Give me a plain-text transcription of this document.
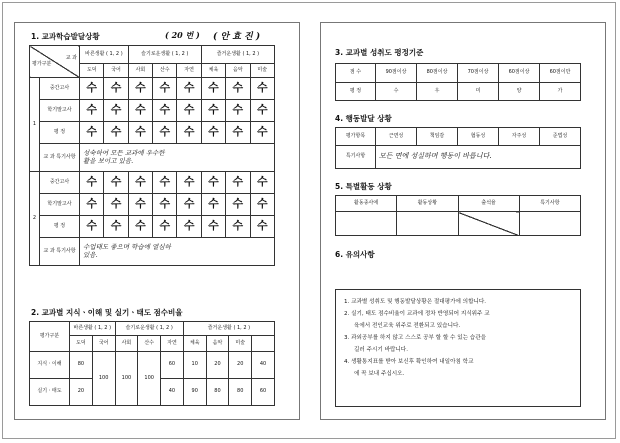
1. 교과학습발달상황	( 20 번 ) ( 안 효 진 )
교 과
평가구분		바른생활 ( 1, 2 )		슬기로운생활 ( 1, 2 )			즐거운생활 ( 1, 2 )		
		도덕	국어	사회	산수	자연	체육	음악	미술
1	중간고사	수	수	수	수	수	수	수	수
	학기말고사	수	수	수	수	수	수	수	수
	평 정	수	수	수	수	수	수	수	수
	교 과 특기사항	성숙하여 모든 교과에 우수한
활을 보이고 있음.							

2	중간고사	수	수	수	수	수	수	수	수
	학기말고사	수	수	수	수	수	수	수	수
	평 정	수	수	수	수	수	수	수	수
	교 과 특기사항	수업태도 좋으며 학습에 열심하
있음.							
2. 교과별 지식ㆍ이해 및 실기ㆍ태도 점수비율
평가구분	바른생활 ( 1, 2 )		슬기로운생활 ( 1, 2 )			즐거운생활 ( 1, 2 )			
	도덕	국어	사회	산수	자연	체육	음악	미술	
지식ㆍ이해	80	100	100	100	60	10	20	20	40
실기ㆍ태도	20				40	90	80	80	60
3. 교과별 성취도 평정기준
점 수	90점이상	80점이상	70점이상	60점이상	60점이만
평 정	수	우	미	양	가
4. 행동발달 상황
평가항목	근면성	책임감	협동성	자주성	준법성
특기사항	모든 면에 성실하며 행동이 바릅니다.				
5. 특별활동 상황
활동종사에	활동상황	출석율	특기사항

6. 유의사항
1. 교과별 성취도 및 행동발달상황은 절대평가에 의합니다.
2. 실기, 태도 점수비율이 교과에 정차 반영되어 지식위주 교
육에서 전인교육 위주로 전환되고 있습니다.
3. 과외공부를 하지 않고 스스로 공부 할 할 수 있는 습관을
길러 주시기 바랍니다.
4. 생활통지표를 받아 보신후 확인하여 내일아침 학교
에 꼭 보내 주십시오.
